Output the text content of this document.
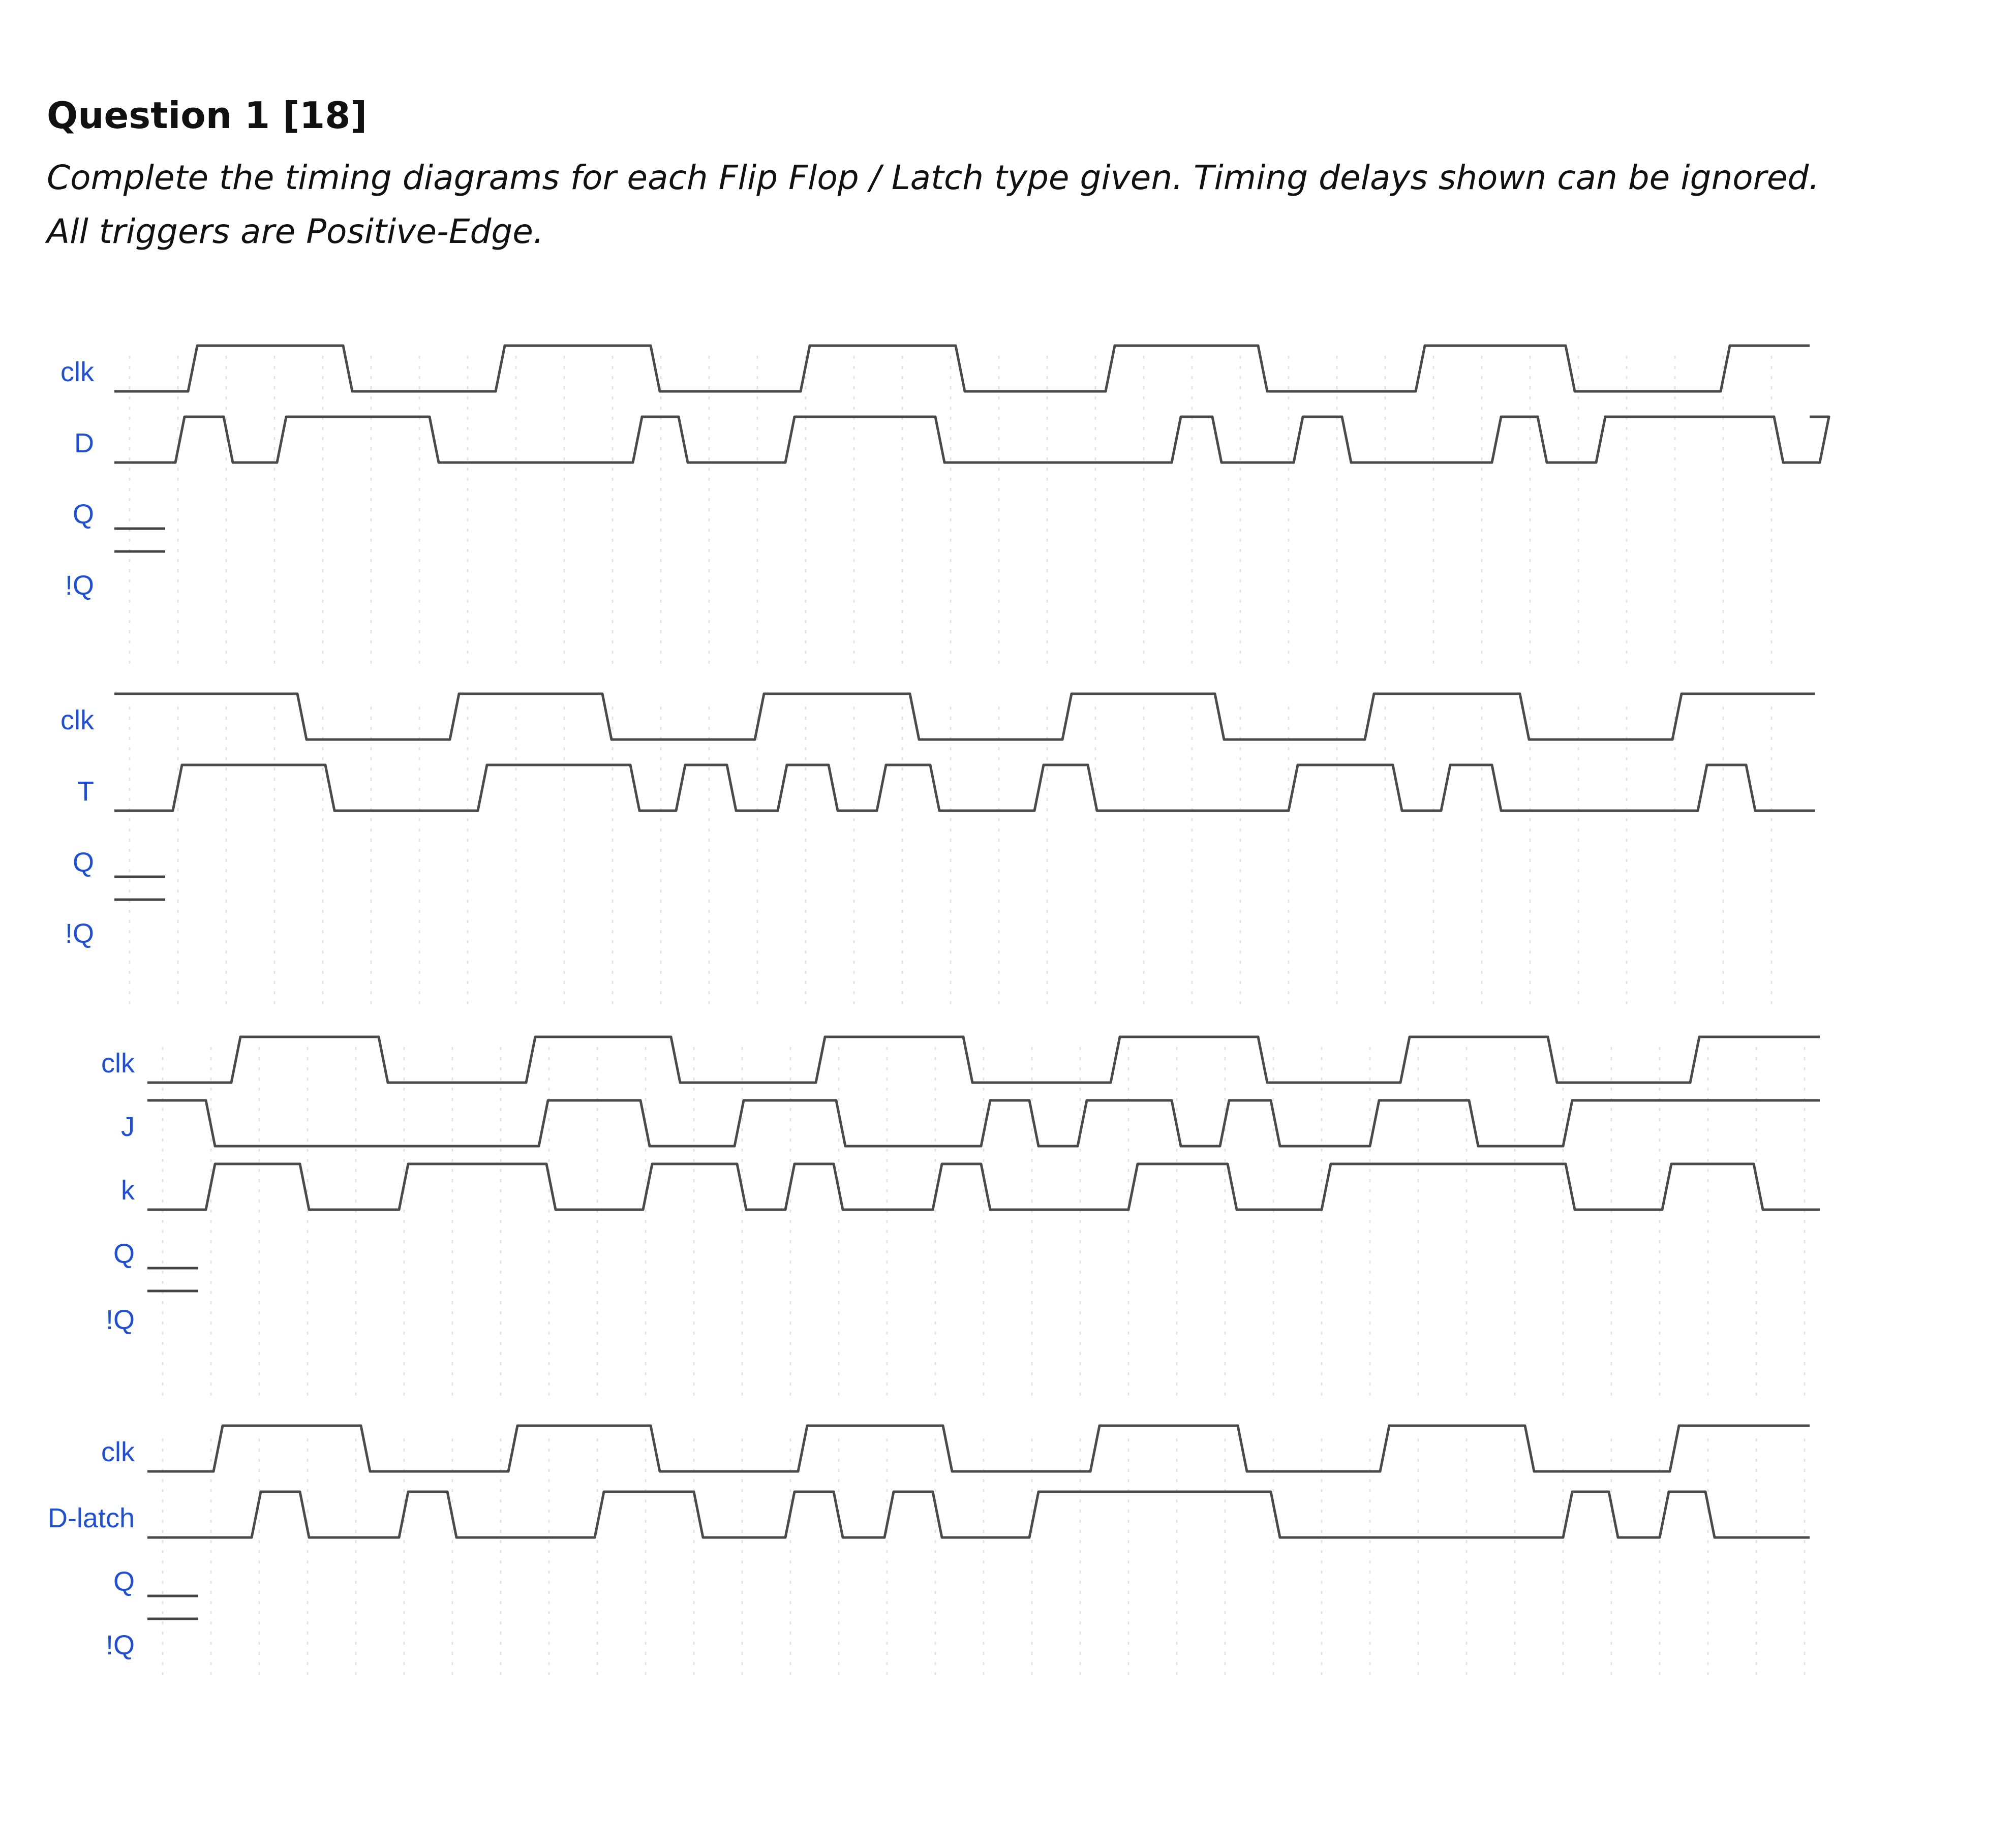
Question 1 [18]

Complete the timing diagrams for each Flip Flop / Latch type given. Timing delays shown can be ignored.

All triggers are Positive-Edge.

clk
D
Q
!Q
clk
T
Q
!Q
clk
J
k
Q
!Q
clk
D-latch
Q
!Q
